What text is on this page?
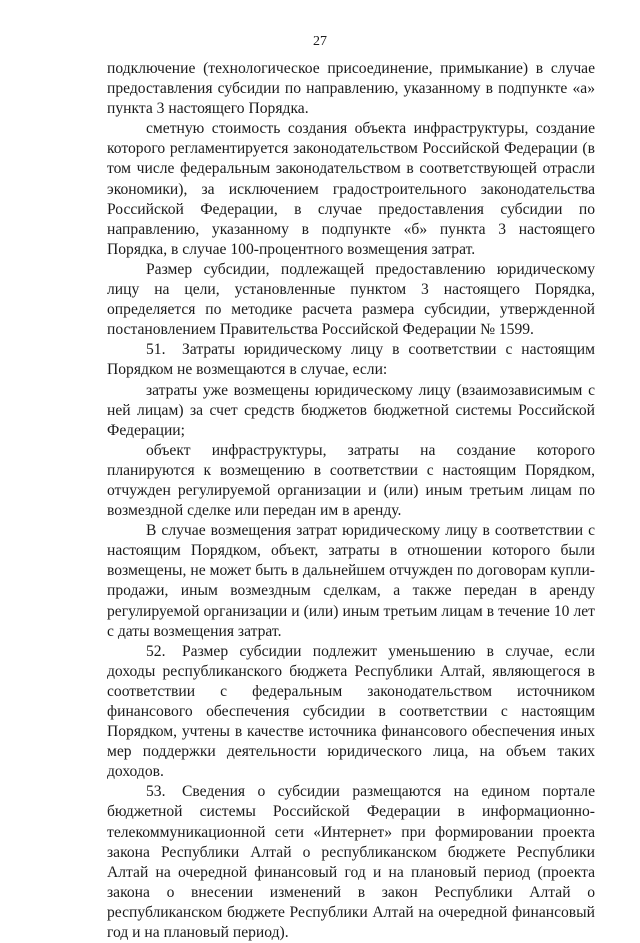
27

подключение (технологическое присоединение, примыкание) в случае предоставления субсидии по направлению, указанному в подпункте «а» пункта 3 настоящего Порядка.

сметную стоимость создания объекта инфраструктуры, создание которого регламентируется законодательством Российской Федерации (в том числе федеральным законодательством в соответствующей отрасли экономики), за исключением градостроительного законодательства Российской Федерации, в случае предоставления субсидии по направлению, указанному в подпункте «б» пункта 3 настоящего Порядка, в случае 100-процентного возмещения затрат.

Размер субсидии, подлежащей предоставлению юридическому лицу на цели, установленные пунктом 3 настоящего Порядка, определяется по методике расчета размера субсидии, утвержденной постановлением Правительства Российской Федерации № 1599.

51. Затраты юридическому лицу в соответствии с настоящим Порядком не возмещаются в случае, если:

затраты уже возмещены юридическому лицу (взаимозависимым с ней лицам) за счет средств бюджетов бюджетной системы Российской Федерации;

объект инфраструктуры, затраты на создание которого планируются к возмещению в соответствии с настоящим Порядком, отчужден регулируемой организации и (или) иным третьим лицам по возмездной сделке или передан им в аренду.

В случае возмещения затрат юридическому лицу в соответствии с настоящим Порядком, объект, затраты в отношении которого были возмещены, не может быть в дальнейшем отчужден по договорам купли-продажи, иным возмездным сделкам, а также передан в аренду регулируемой организации и (или) иным третьим лицам в течение 10 лет с даты возмещения затрат.

52. Размер субсидии подлежит уменьшению в случае, если доходы республиканского бюджета Республики Алтай, являющегося в соответствии с федеральным законодательством источником финансового обеспечения субсидии в соответствии с настоящим Порядком, учтены в качестве источника финансового обеспечения иных мер поддержки деятельности юридического лица, на объем таких доходов.

53. Сведения о субсидии размещаются на едином портале бюджетной системы Российской Федерации в информационно-телекоммуникационной сети «Интернет» при формировании проекта закона Республики Алтай о республиканском бюджете Республики Алтай на очередной финансовый год и на плановый период (проекта закона о внесении изменений в закон Республики Алтай о республиканском бюджете Республики Алтай на очередной финансовый год и на плановый период).
